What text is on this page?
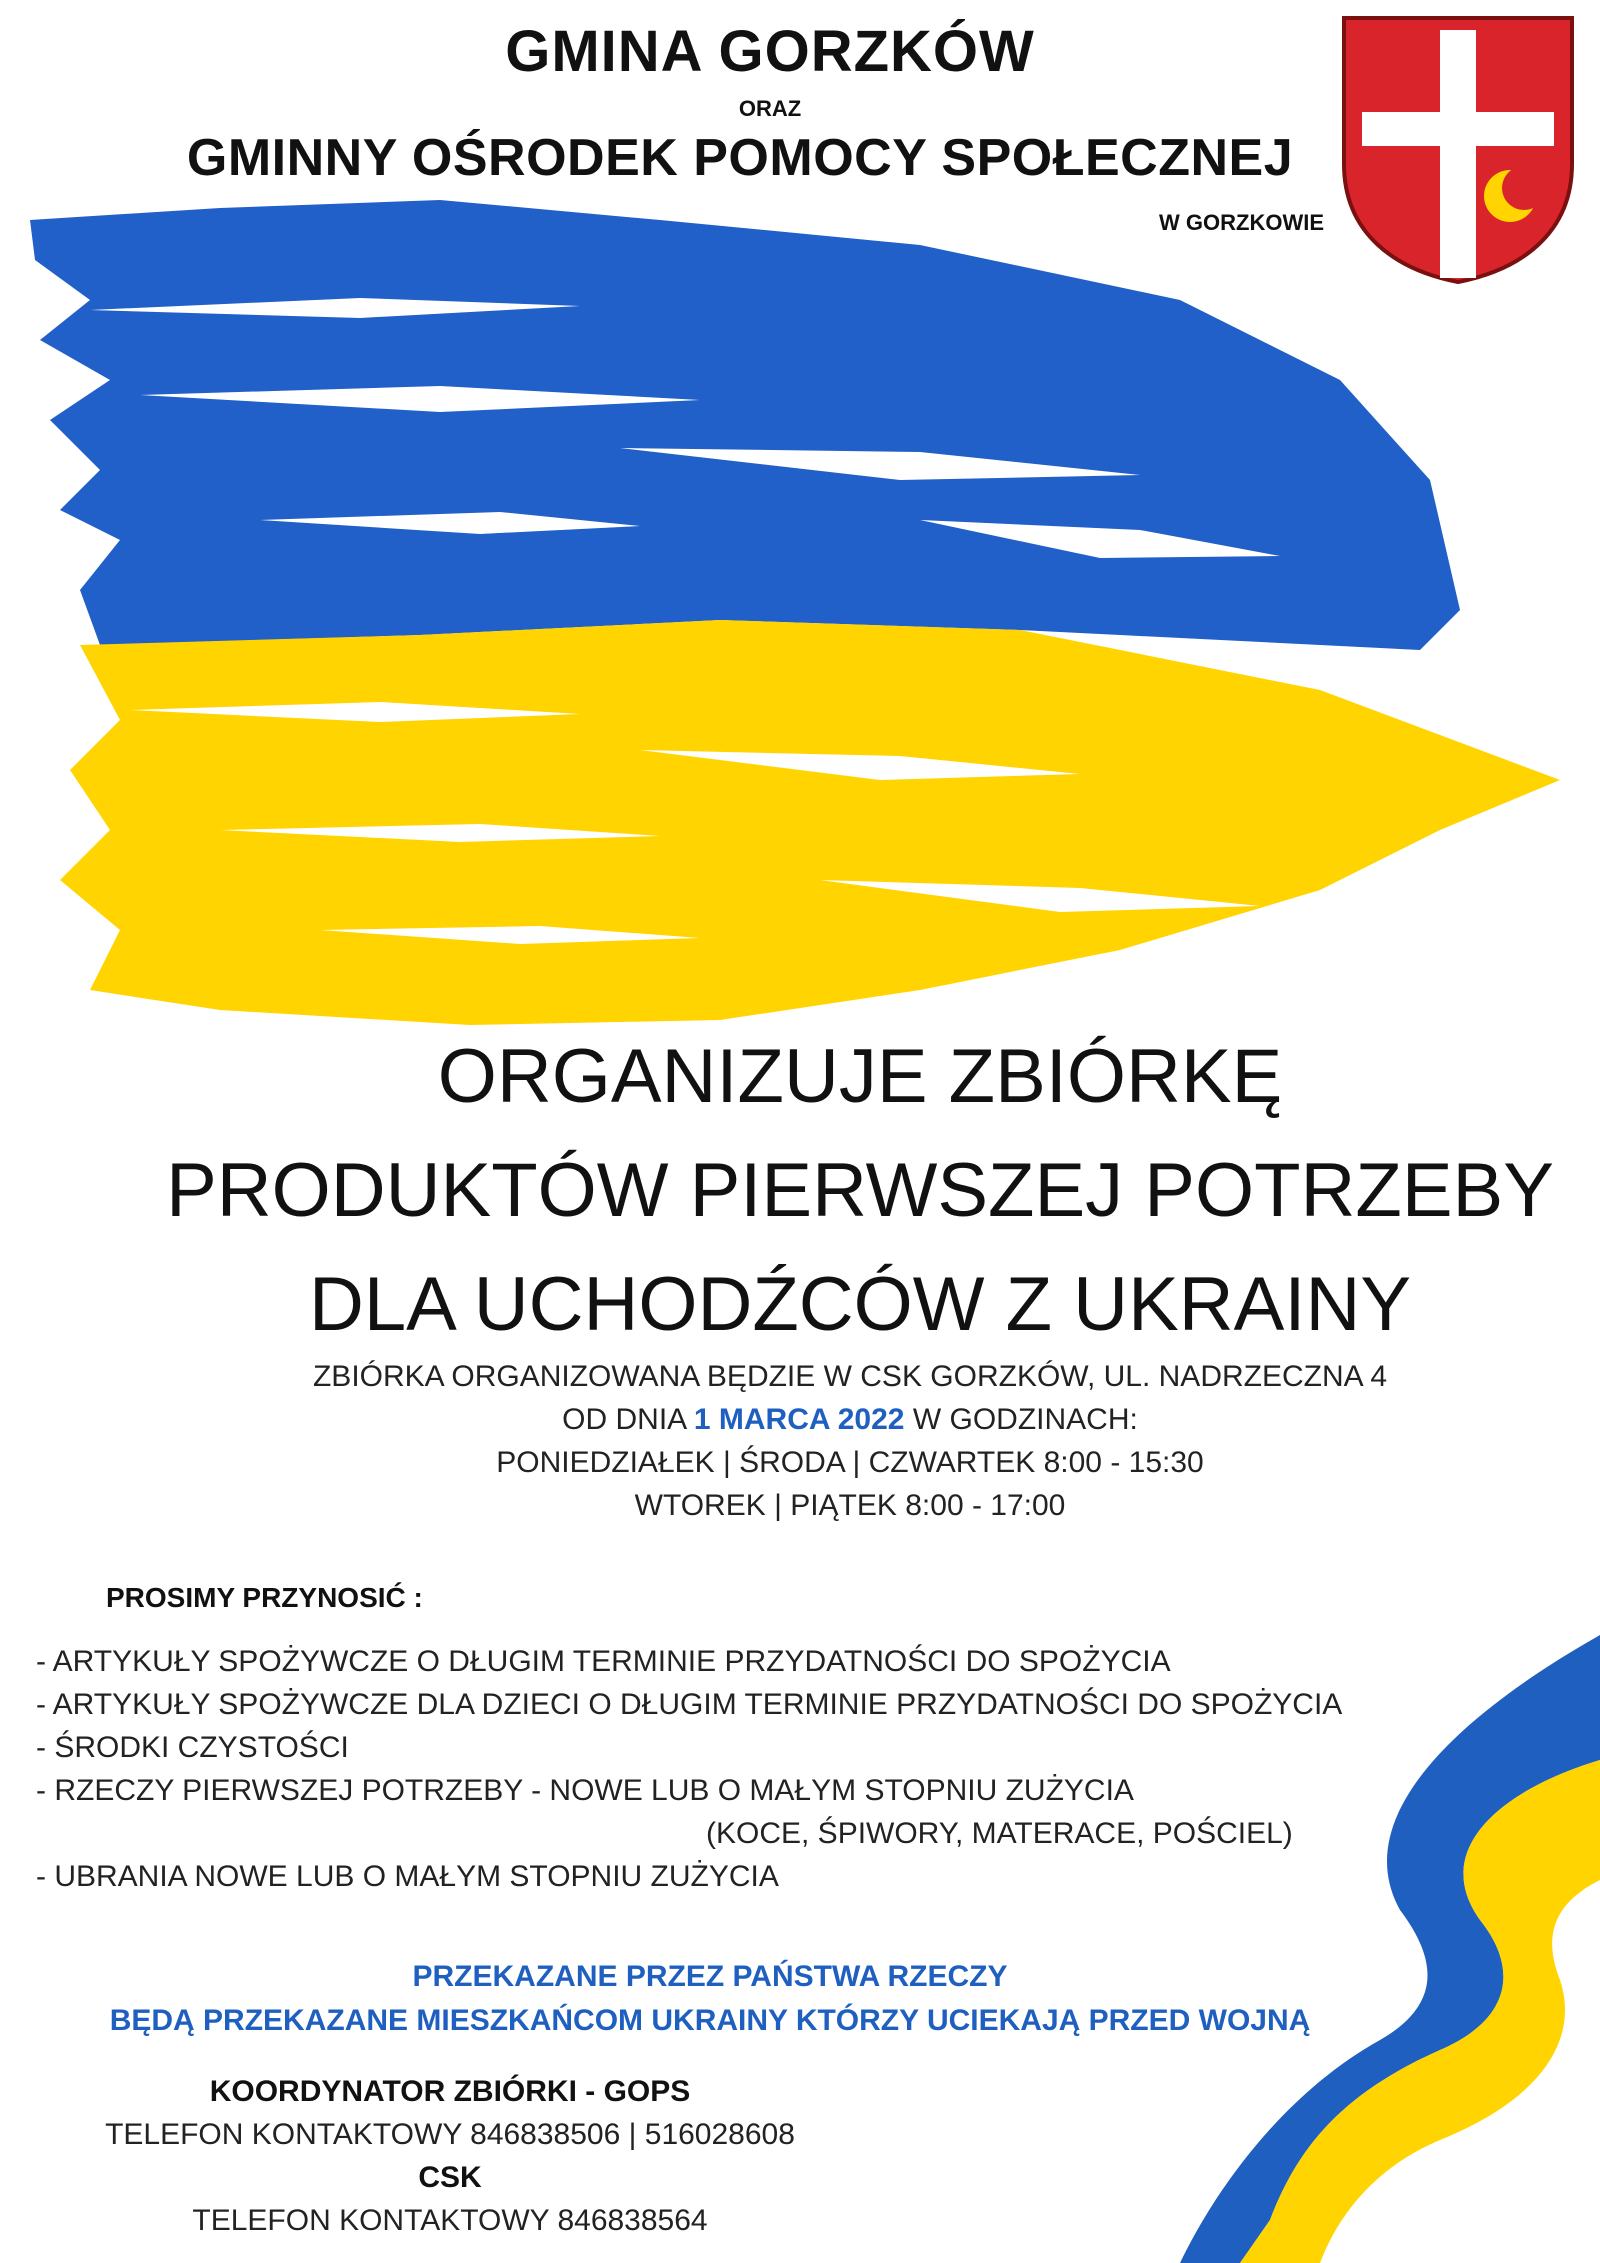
GMINA GORZKÓW
ORAZ
GMINNY OŚRODEK POMOCY SPOŁECZNEJ
W GORZKOWIE
ORGANIZUJE ZBIÓRKĘ
PRODUKTÓW PIERWSZEJ POTRZEBY
DLA UCHODŹCÓW Z UKRAINY
ZBIÓRKA ORGANIZOWANA BĘDZIE W CSK GORZKÓW, UL. NADRZECZNA 4
OD DNIA 1 MARCA 2022 W GODZINACH:
PONIEDZIAŁEK | ŚRODA | CZWARTEK 8:00 - 15:30
WTOREK | PIĄTEK 8:00 - 17:00
PROSIMY PRZYNOSIĆ :
- ARTYKUŁY SPOŻYWCZE O DŁUGIM TERMINIE PRZYDATNOŚCI DO SPOŻYCIA
- ARTYKUŁY SPOŻYWCZE DLA DZIECI O DŁUGIM TERMINIE PRZYDATNOŚCI DO SPOŻYCIA
- ŚRODKI CZYSTOŚCI
- RZECZY PIERWSZEJ POTRZEBY - NOWE LUB O MAŁYM STOPNIU ZUŻYCIA
(KOCE, ŚPIWORY, MATERACE, POŚCIEL)
- UBRANIA NOWE LUB O MAŁYM STOPNIU ZUŻYCIA
PRZEKAZANE PRZEZ PAŃSTWA RZECZY
BĘDĄ PRZEKAZANE MIESZKAŃCOM UKRAINY KTÓRZY UCIEKAJĄ PRZED WOJNĄ
KOORDYNATOR ZBIÓRKI - GOPS
TELEFON KONTAKTOWY 846838506 | 516028608
CSK
TELEFON KONTAKTOWY 846838564
